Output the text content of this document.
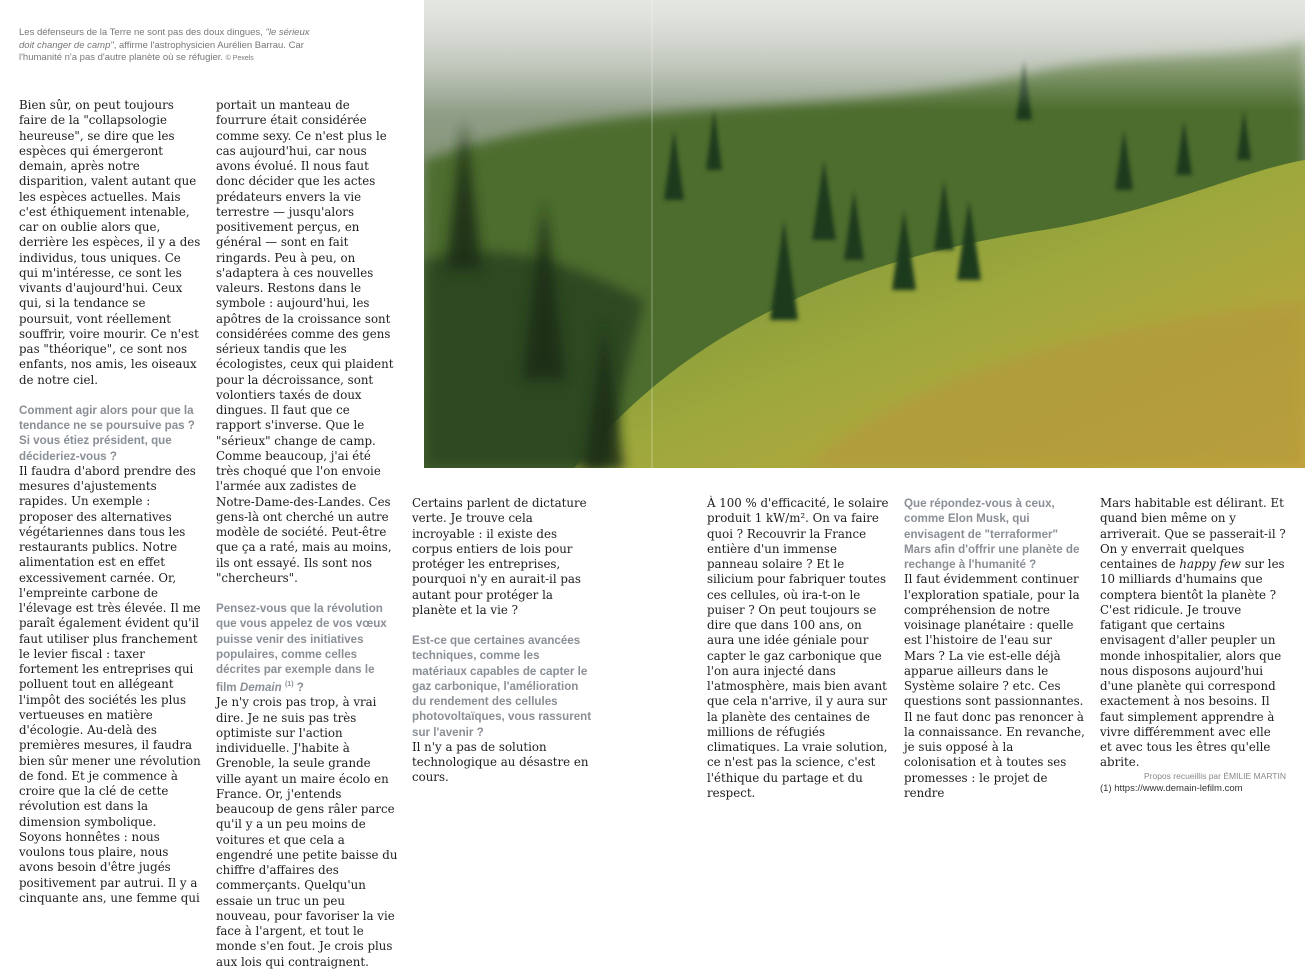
Les défenseurs de la Terre ne sont pas des doux dingues, "le sérieux doit changer de camp", affirme l'astrophysicien Aurélien Barrau. Car l'humanité n'a pas d'autre planète où se réfugier. © Pexels

Bien sûr, on peut toujours faire de la "collapsologie heureuse", se dire que les espèces qui émergeront demain, après notre disparition, valent autant que les espèces actuelles. Mais c'est éthiquement intenable, car on oublie alors que, derrière les espèces, il y a des individus, tous uniques. Ce qui m'intéresse, ce sont les vivants d'aujourd'hui. Ceux qui, si la tendance se poursuit, vont réellement souffrir, voire mourir. Ce n'est pas "théorique", ce sont nos enfants, nos amis, les oiseaux de notre ciel.

Comment agir alors pour que la tendance ne se poursuive pas ? Si vous étiez président, que décideriez-vous ?

Il faudra d'abord prendre des mesures d'ajustements rapides. Un exemple : proposer des alternatives végétariennes dans tous les restaurants publics. Notre alimentation est en effet excessivement carnée. Or, l'empreinte carbone de l'élevage est très élevée. Il me paraît également évident qu'il faut utiliser plus franchement le levier fiscal : taxer fortement les entreprises qui polluent tout en allégeant l'impôt des sociétés les plus vertueuses en matière d'écologie. Au-delà des premières mesures, il faudra bien sûr mener une révolution de fond. Et je commence à croire que la clé de cette révolution est dans la dimension symbolique. Soyons honnêtes : nous voulons tous plaire, nous avons besoin d'être jugés positivement par autrui. Il y a cinquante ans, une femme qui

portait un manteau de fourrure était considérée comme sexy. Ce n'est plus le cas aujourd'hui, car nous avons évolué. Il nous faut donc décider que les actes prédateurs envers la vie terrestre — jusqu'alors positivement perçus, en général — sont en fait ringards. Peu à peu, on s'adaptera à ces nouvelles valeurs. Restons dans le symbole : aujourd'hui, les apôtres de la croissance sont considérées comme des gens sérieux tandis que les écologistes, ceux qui plaident pour la décroissance, sont volontiers taxés de doux dingues. Il faut que ce rapport s'inverse. Que le "sérieux" change de camp. Comme beaucoup, j'ai été très choqué que l'on envoie l'armée aux zadistes de Notre-Dame-des-Landes. Ces gens-là ont cherché un autre modèle de société. Peut-être que ça a raté, mais au moins, ils ont essayé. Ils sont nos "chercheurs".

Pensez-vous que la révolution que vous appelez de vos vœux puisse venir des initiatives populaires, comme celles décrites par exemple dans le film Demain $^{(1)}$ ?

Je n'y crois pas trop, à vrai dire. Je ne suis pas très optimiste sur l'action individuelle. J'habite à Grenoble, la seule grande ville ayant un maire écolo en France. Or, j'entends beaucoup de gens râler parce qu'il y a un peu moins de voitures et que cela a engendré une petite baisse du chiffre d'affaires des commerçants. Quelqu'un essaie un truc un peu nouveau, pour favoriser la vie face à l'argent, et tout le monde s'en fout. Je crois plus aux lois qui contraignent.

Certains parlent de dictature verte. Je trouve cela incroyable : il existe des corpus entiers de lois pour protéger les entreprises, pourquoi n'y en aurait-il pas autant pour protéger la planète et la vie ?

Est-ce que certaines avancées techniques, comme les matériaux capables de capter le gaz carbonique, l'amélioration du rendement des cellules photovoltaïques, vous rassurent sur l'avenir ?

Il n'y a pas de solution technologique au désastre en cours.

À 100 % d'efficacité, le solaire produit 1 kW/m². On va faire quoi ? Recouvrir la France entière d'un immense panneau solaire ? Et le silicium pour fabriquer toutes ces cellules, où ira-t-on le puiser ? On peut toujours se dire que dans 100 ans, on aura une idée géniale pour capter le gaz carbonique que l'on aura injecté dans l'atmosphère, mais bien avant que cela n'arrive, il y aura sur la planète des centaines de millions de réfugiés climatiques. La vraie solution, ce n'est pas la science, c'est l'éthique du partage et du respect.

Que répondez-vous à ceux, comme Elon Musk, qui envisagent de "terraformer" Mars afin d'offrir une planète de rechange à l'humanité ?

Il faut évidemment continuer l'exploration spatiale, pour la compréhension de notre voisinage planétaire : quelle est l'histoire de l'eau sur Mars ? La vie est-elle déjà apparue ailleurs dans le Système solaire ? etc. Ces questions sont passionnantes. Il ne faut donc pas renoncer à la connaissance. En revanche, je suis opposé à la colonisation et à toutes ses promesses : le projet de rendre

Mars habitable est délirant. Et quand bien même on y arriverait. Que se passerait-il ? On y enverrait quelques centaines de happy few sur les 10 milliards d'humains que comptera bientôt la planète ? C'est ridicule. Je trouve fatigant que certains envisagent d'aller peupler un monde inhospitalier, alors que nous disposons aujourd'hui d'une planète qui correspond exactement à nos besoins. Il faut simplement apprendre à vivre différemment avec elle et avec tous les êtres qu'elle abrite.

Propos recueillis par ÉMILIE MARTIN

(1) https://www.demain-lefilm.com
